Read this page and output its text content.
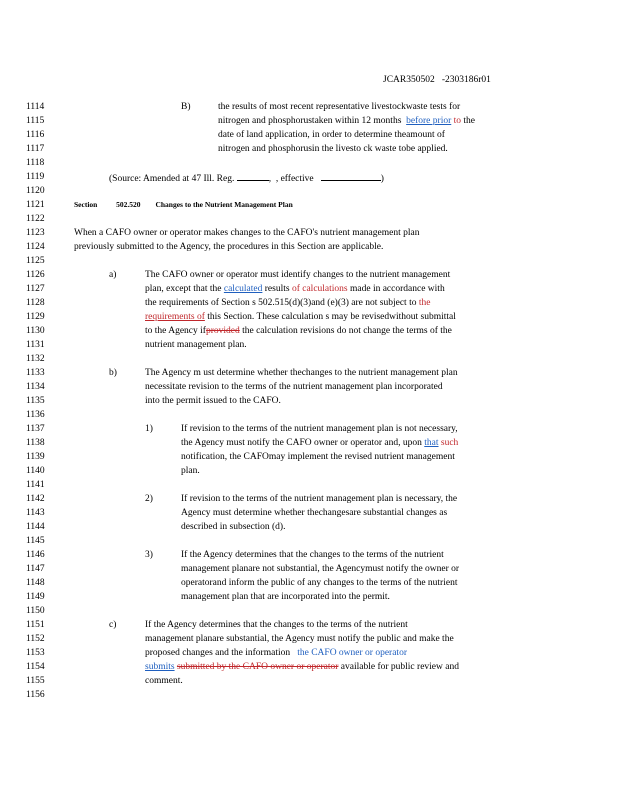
JCAR350502 -2303186r01
1114
1115
1116
1117
1118
1119
1120
1121
1122
1123
1124
1125
1126
1127
1128
1129
1130
1131
1132
1133
1134
1135
1136
1137
1138
1139
1140
1141
1142
1143
1144
1145
1146
1147
1148
1149
1150
1151
1152
1153
1154
1155
1156
B)	the results of most recent representative livestockwaste tests for
nitrogen and phosphorustaken within 12 months before prior to the
date of land application, in order to determine theamount of
nitrogen and phosphorusin the livesto ck waste tobe applied.
(Source: Amended at 47 Ill. Reg.	,  , effective	)
Section	502.520 Changes to the Nutrient Management Plan
When a CAFO owner or operator makes changes to the CAFO's nutrient management plan
previously submitted to the Agency, the procedures in this Section are applicable.
a)	The CAFO owner or operator must identify changes to the nutrient management
plan, except that the calculated results of calculations made in accordance with
the requirements of Section s 502.515(d)(3)and (e)(3) are not subject to the
requirements of this Section. These calculation s may be revisedwithout submittal
to the Agency ifprovided the calculation revisions do not change the terms of the
nutrient management plan.
b)	The Agency m ust determine whether thechanges to the nutrient management plan
necessitate revision to the terms of the nutrient management plan incorporated
into the permit issued to the CAFO.
1)	If revision to the terms of the nutrient management plan is not necessary,
the Agency must notify the CAFO owner or operator and, upon that such
notification, the CAFOmay implement the revised nutrient management
plan.
2)	If revision to the terms of the nutrient management plan is necessary, the
Agency must determine whether thechangesare substantial changes as
described in subsection (d).
3)	If the Agency determines that the changes to the terms of the nutrient
management planare not substantial, the Agencymust notify the owner or
operatorand inform the public of any changes to the terms of the nutrient
management plan that are incorporated into the permit.
c)	If the Agency determines that the changes to the terms of the nutrient
management planare substantial, the Agency must notify the public and make the
proposed changes and the information the CAFO owner or operator
submits submitted by the CAFO owner or operator available for public review and
comment.
